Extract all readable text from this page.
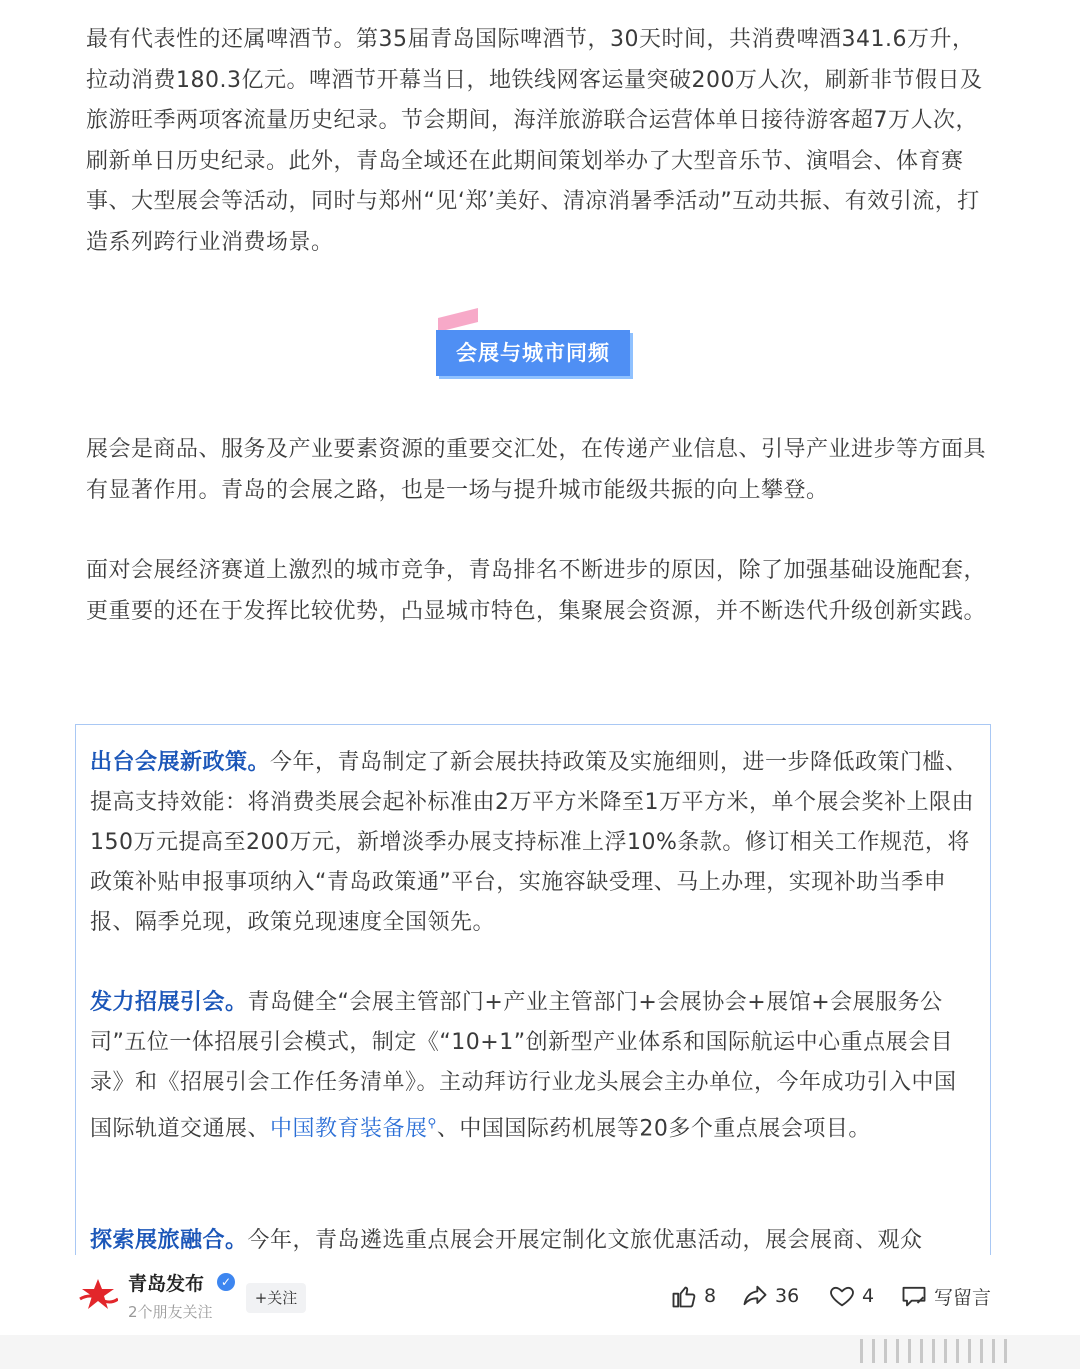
最有代表性的还属啤酒节。第35届青岛国际啤酒节，30天时间，共消费啤酒341.6万升，拉动消费180.3亿元。啤酒节开幕当日，地铁线网客运量突破200万人次，刷新非节假日及旅游旺季两项客流量历史纪录。节会期间，海洋旅游联合运营体单日接待游客超7万人次，刷新单日历史纪录。此外，青岛全域还在此期间策划举办了大型音乐节、演唱会、体育赛事、大型展会等活动，同时与郑州“见‘郑’美好、清凉消暑季活动”互动共振、有效引流，打造系列跨行业消费场景。

会展与城市同频

展会是商品、服务及产业要素资源的重要交汇处，在传递产业信息、引导产业进步等方面具有显著作用。青岛的会展之路，也是一场与提升城市能级共振的向上攀登。

面对会展经济赛道上激烈的城市竞争，青岛排名不断进步的原因，除了加强基础设施配套，更重要的还在于发挥比较优势，凸显城市特色，集聚展会资源，并不断迭代升级创新实践。

出台会展新政策。今年，青岛制定了新会展扶持政策及实施细则，进一步降低政策门槛、提高支持效能：将消费类展会起补标准由2万平方米降至1万平方米，单个展会奖补上限由150万元提高至200万元，新增淡季办展支持标准上浮10%条款。修订相关工作规范，将政策补贴申报事项纳入“青岛政策通”平台，实施容缺受理、马上办理，实现补助当季申报、隔季兑现，政策兑现速度全国领先。

发力招展引会。青岛健全“会展主管部门+产业主管部门+会展协会+展馆+会展服务公司”五位一体招展引会模式，制定《“10+1”创新型产业体系和国际航运中心重点展会目录》和《招展引会工作任务清单》。主动拜访行业龙头展会主办单位，今年成功引入中国国际轨道交通展、中国教育装备展⚲、中国国际药机展等20多个重点展会项目。

探索展旅融合。今年，青岛遴选重点展会开展定制化文旅优惠活动，展会展商、观众

青岛发布	✓
+关注
2个朋友关注
8	36	4	写留言
